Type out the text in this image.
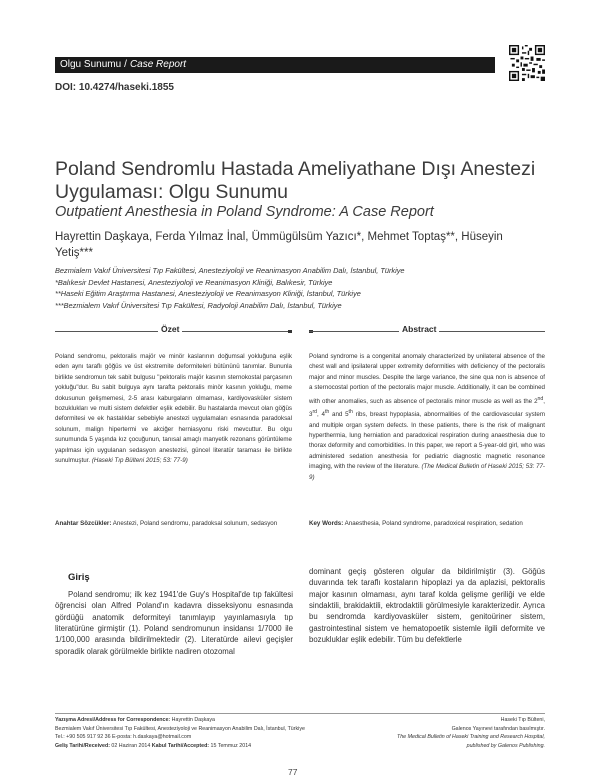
Olgu Sunumu / Case Report
DOI: 10.4274/haseki.1855
Poland Sendromlu Hastada Ameliyathane Dışı Anestezi Uygulaması: Olgu Sunumu
Outpatient Anesthesia in Poland Syndrome: A Case Report
Hayrettin Daşkaya, Ferda Yılmaz İnal, Ümmügülsüm Yazıcı*, Mehmet Toptaş**, Hüseyin Yetiş***
Bezmialem Vakıf Üniversitesi Tıp Fakültesi, Anesteziyoloji ve Reanimasyon Anabilim Dalı, İstanbul, Türkiye
*Balıkesir Devlet Hastanesi, Anesteziyoloji ve Reanimasyon Kliniği, Balıkesir, Türkiye
**Haseki Eğitim Araştırma Hastanesi, Anesteziyoloji ve Reanimasyon Kliniği, İstanbul, Türkiye
***Bezmialem Vakıf Üniversitesi Tıp Fakültesi, Radyoloji Anabilim Dalı, İstanbul, Türkiye
Özet	Abstract
Poland sendromu, pektoralis majör ve minör kaslarının doğumsal yokluğuna eşlik eden aynı taraflı göğüs ve üst ekstremite deformiteleri bütününü tanımlar. Bununla birlikte sendromun tek sabit bulgusu "pektoralis majör kasının sternokostal parçasının yokluğu"dur. Bu sabit bulguya aynı tarafta pektoralis minör kasının yokluğu, meme dokusunun gelişmemesi, 2-5 arası kaburgaların olmaması, kardiyovasküler sistem bozuklukları ve multi sistem defektler eşlik edebilir. Bu hastalarda mevcut olan göğüs deformitesi ve ek hastalıklar sebebiyle anestezi uygulamaları esnasında paradoksal solunum, malign hipertermi ve akciğer herniasyonu riski mevcuttur. Bu olgu sunumunda 5 yaşında kız çocuğunun, tanısal amaçlı manyetik rezonans görüntüleme yapılması için uygulanan sedasyon anestezisi, güncel literatür taraması ile birlikte sunulmuştur. (Haseki Tıp Bülteni 2015; 53: 77-9)
Anahtar Sözcükler: Anestezi, Poland sendromu, paradoksal solunum, sedasyon
Poland syndrome is a congenital anomaly characterized by unilateral absence of the chest wall and ipsilateral upper extremity deformities with deficiency of the pectoralis major and minor muscles. Despite the large variance, the sine qua non is absence of a sternocostal portion of the pectoralis major muscle. Additionally, it can be combined with other anomalies, such as absence of pectoralis minor muscle as well as the 2nd, 3rd, 4th and 5th ribs, breast hypoplasia, abnormalities of the cardiovascular system and multiple organ system defects. In these patients, there is the risk of malignant hyperthermia, lung herniation and paradoxical respiration during anaesthesia due to thorax deformity and comorbidities. In this paper, we report a 5-year-old girl, who was administered sedation anesthesia for pediatric diagnostic magnetic resonance imaging, with the review of the literature. (The Medical Bulletin of Haseki 2015; 53: 77-9)
Key Words: Anaesthesia, Poland syndrome, paradoxical respiration, sedation
Giriş
Poland sendromu; ilk kez 1941'de Guy's Hospital'de tıp fakültesi öğrencisi olan Alfred Poland'ın kadavra disseksiyonu esnasında gördüğü anatomik deformiteyi tanımlayıp yayınlamasıyla tıp literatürüne girmiştir (1). Poland sendromunun insidansı 1/7000 ile 1/100,000 arasında bildirilmektedir (2). Literatürde ailevi geçişler sporadik olarak görülmekle birlikte nadiren otozomal
dominant geçiş gösteren olgular da bildirilmiştir (3). Göğüs duvarında tek taraflı kostaların hipoplazi ya da aplazisi, pektoralis major kasının olmaması, aynı taraf kolda gelişme geriliği ve elde sindaktili, brakidaktili, ektrodaktili görülmesiyle karakterizedir. Ayrıca bu sendromda kardiyovasküler sistem, genitoüriner sistem, gastrointestinal sistem ve hematopoetik sistemle ilgili deformite ve bozukluklar eşlik edebilir. Tüm bu defektlerle
Yazışma Adresi/Address for Correspondence: Hayrettin Daşkaya
Bezmialem Vakıf Üniversitesi Tıp Fakültesi, Anesteziyoloji ve Reanimasyon Anabilim Dalı, İstanbul, Türkiye
Tel.: +90 505 917 92 36 E-posta: h.daskaya@hotmail.com
Geliş Tarihi/Received: 02 Haziran 2014 Kabul Tarihi/Accepted: 15 Temmuz 2014
Haseki Tıp Bülteni,
Galenos Yayınevi tarafından basılmıştır.
The Medical Bulletin of Haseki Training and Research Hospital,
published by Galenos Publishing.
77
